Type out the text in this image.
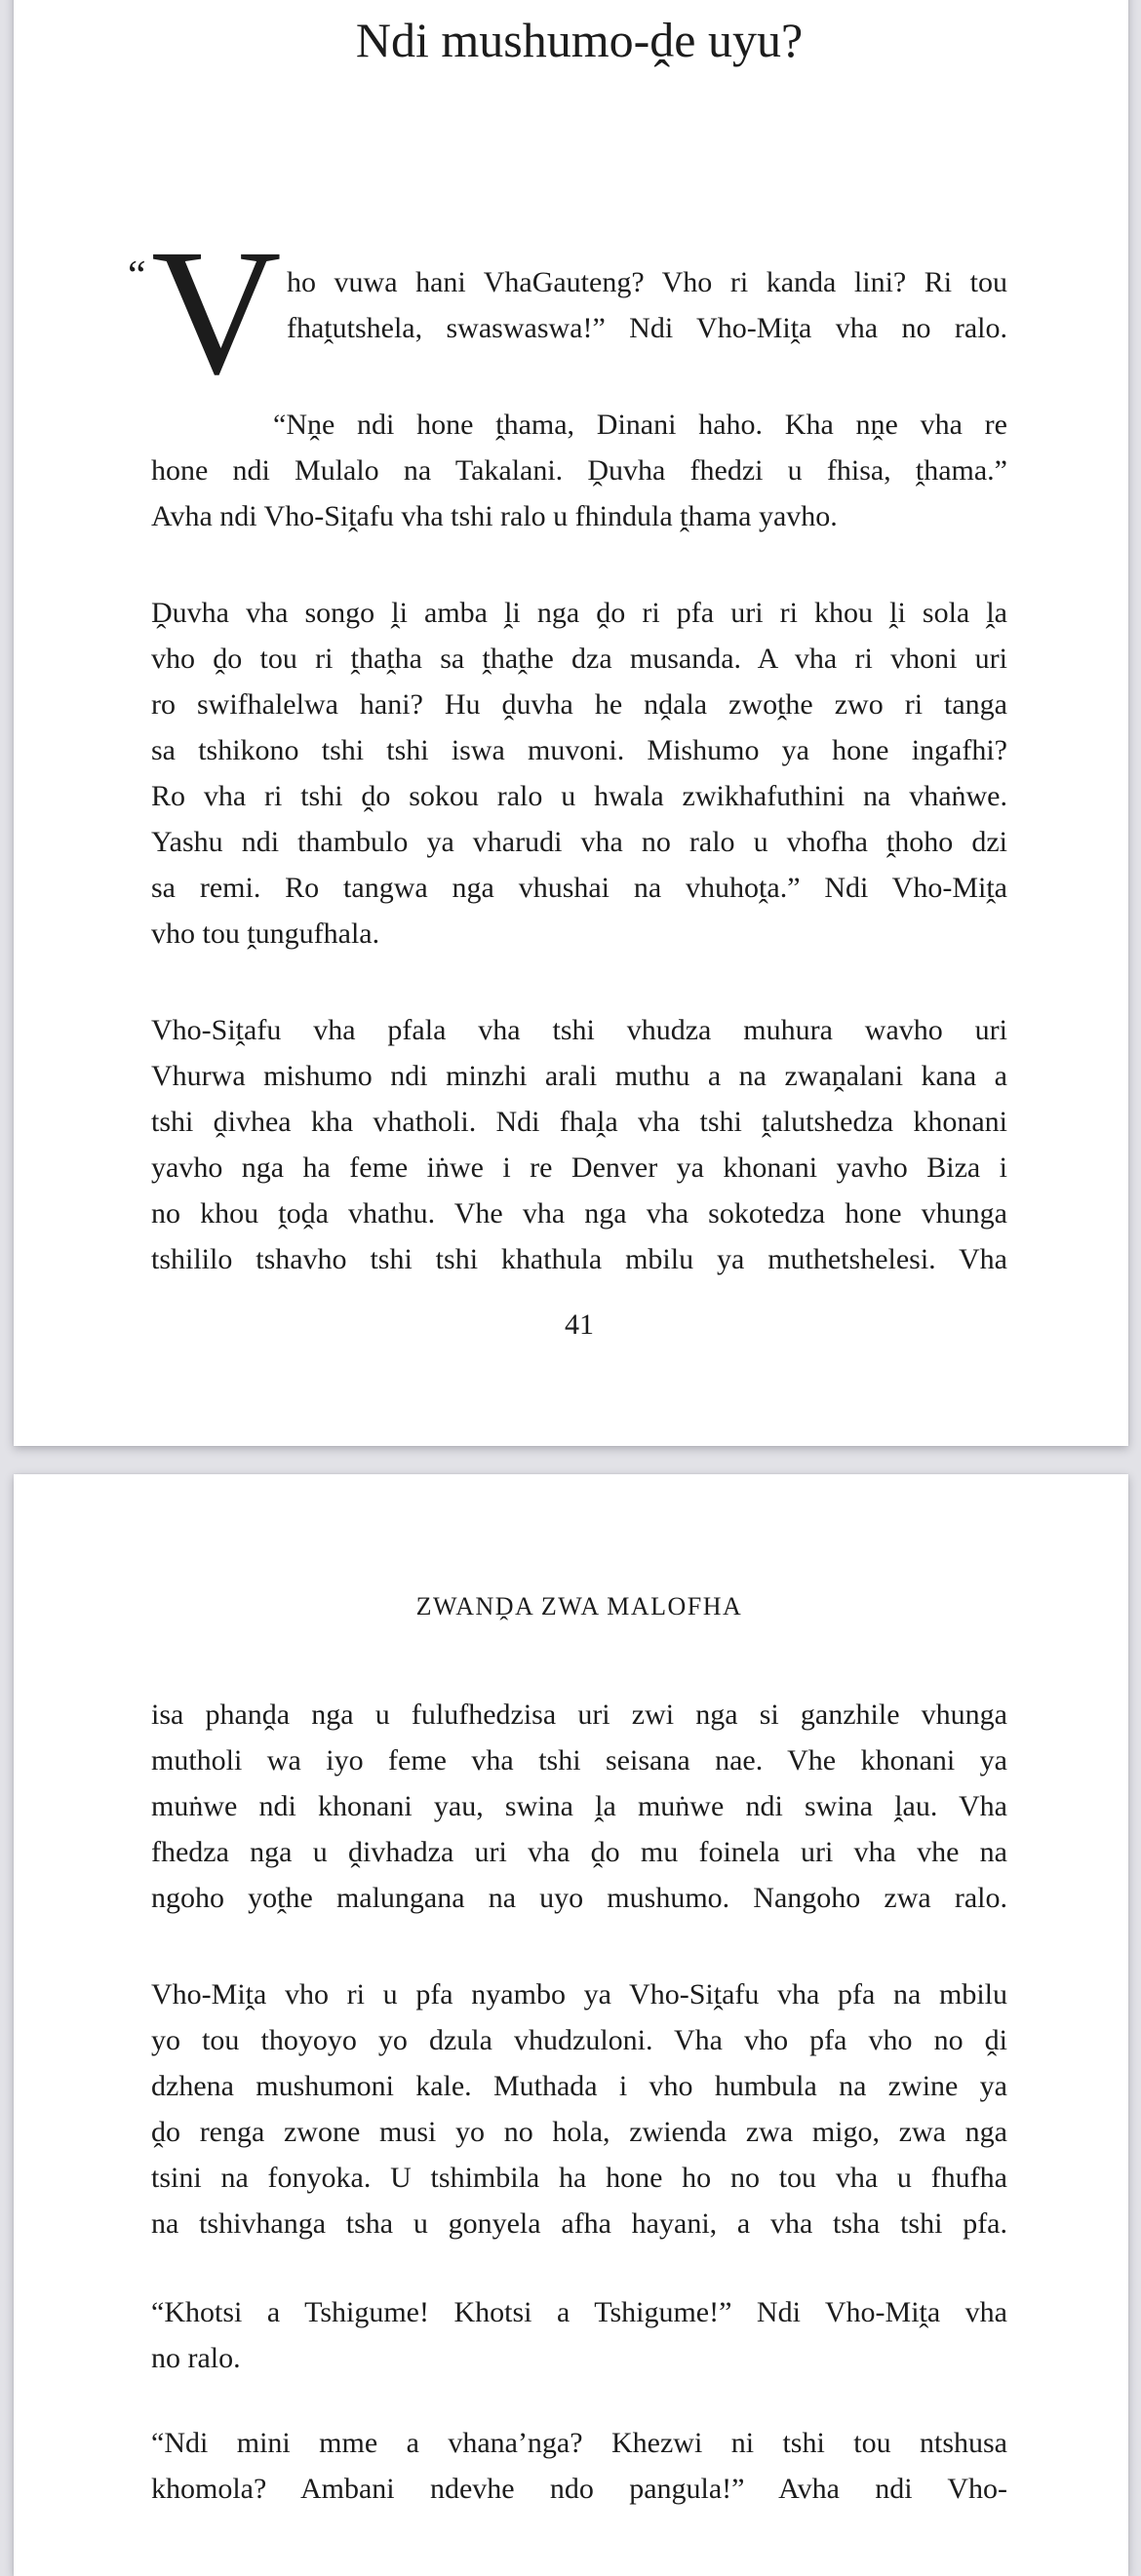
Ndi mushumo-ḓe uyu?
“ V ho vuwa hani VhaGauteng? Vho ri kanda lini? Ri tou
fhaṱutshela, swaswaswa!” Ndi Vho-Miṱa vha no ralo.
“Nṋe ndi hone ṱhama, Dinani haho. Kha nṋe vha re
hone ndi Mulalo na Takalani. Ḓuvha fhedzi u fhisa, ṱhama.”
Avha ndi Vho-Siṱafu vha tshi ralo u fhindula ṱhama yavho.
Ḓuvha vha songo ḽi amba ḽi nga ḓo ri pfa uri ri khou ḽi sola ḽa
vho ḓo tou ri ṱhaṱha sa ṱhaṱhe dza musanda. A vha ri vhoni uri
ro swifhalelwa hani? Hu ḓuvha he nḓala zwoṱhe zwo ri tanga
sa tshikono tshi tshi iswa muvoni. Mishumo ya hone ingafhi?
Ro vha ri tshi ḓo sokou ralo u hwala zwikhafuthini na vhaṅwe.
Yashu ndi thambulo ya vharudi vha no ralo u vhofha ṱhoho dzi
sa remi. Ro tangwa nga vhushai na vhuhoṱa.” Ndi Vho-Miṱa
vho tou ṱungufhala.
Vho-Siṱafu vha pfala vha tshi vhudza muhura wavho uri
Vhurwa mishumo ndi minzhi arali muthu a na zwaṋalani kana a
tshi ḓivhea kha vhatholi. Ndi fhaḽa vha tshi ṱalutshedza khonani
yavho nga ha feme iṅwe i re Denver ya khonani yavho Biza i
no khou ṱoḓa vhathu. Vhe vha nga vha sokotedza hone vhunga
tshililo tshavho tshi tshi khathula mbilu ya muthetshelesi. Vha
41
ZWANḒA ZWA MALOFHA
isa phanḓa nga u fulufhedzisa uri zwi nga si ganzhile vhunga
mutholi wa iyo feme vha tshi seisana nae. Vhe khonani ya
muṅwe ndi khonani yau, swina ḽa muṅwe ndi swina ḽau. Vha
fhedza nga u ḓivhadza uri vha ḓo mu foinela uri vha vhe na
ngoho yoṱhe malungana na uyo mushumo. Nangoho zwa ralo.
Vho-Miṱa vho ri u pfa nyambo ya Vho-Siṱafu vha pfa na mbilu
yo tou thoyoyo yo dzula vhudzuloni. Vha vho pfa vho no ḓi
dzhena mushumoni kale. Muthada i vho humbula na zwine ya
ḓo renga zwone musi yo no hola, zwienda zwa migo, zwa nga
tsini na fonyoka. U tshimbila ha hone ho no tou vha u fhufha
na tshivhanga tsha u gonyela afha hayani, a vha tsha tshi pfa.
“Khotsi a Tshigume! Khotsi a Tshigume!” Ndi Vho-Miṱa vha
no ralo.
“Ndi mini mme a vhana’nga? Khezwi ni tshi tou ntshusa
khomola? Ambani ndevhe ndo pangula!” Avha ndi Vho-
